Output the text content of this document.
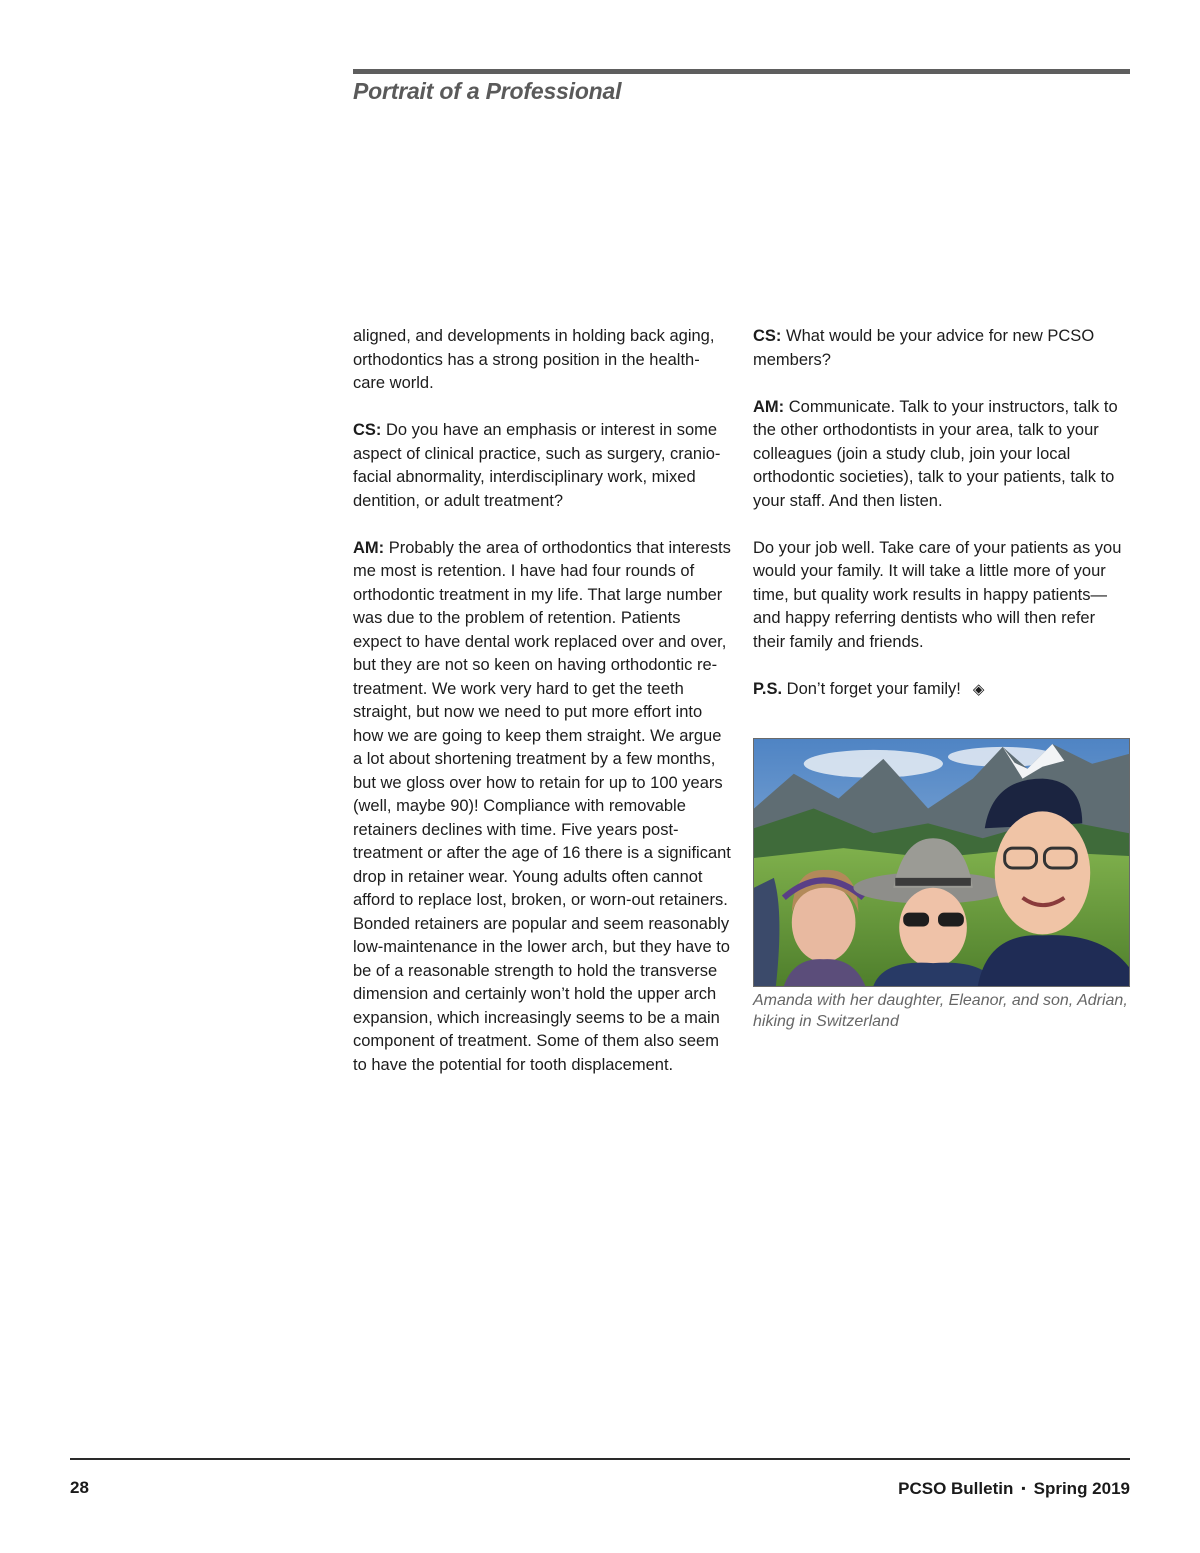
Portrait of a Professional

aligned, and developments in holding back aging, orthodontics has a strong position in the health-care world.

CS: Do you have an emphasis or interest in some aspect of clinical practice, such as surgery, cranio-facial abnormality, interdisciplinary work, mixed dentition, or adult treatment?

AM: Probably the area of orthodontics that interests me most is retention. I have had four rounds of orthodontic treatment in my life. That large number was due to the problem of retention. Patients expect to have dental work replaced over and over, but they are not so keen on having orthodontic re-treatment. We work very hard to get the teeth straight, but now we need to put more effort into how we are going to keep them straight. We argue a lot about shortening treatment by a few months, but we gloss over how to retain for up to 100 years (well, maybe 90)! Compliance with removable retainers declines with time. Five years post-treatment or after the age of 16 there is a significant drop in retainer wear. Young adults often cannot afford to replace lost, broken, or worn-out retainers. Bonded retainers are popular and seem reasonably low-maintenance in the lower arch, but they have to be of a reasonable strength to hold the transverse dimension and certainly won’t hold the upper arch expansion, which increasingly seems to be a main component of treatment. Some of them also seem to have the potential for tooth displacement.

CS: What would be your advice for new PCSO members?

AM: Communicate. Talk to your instructors, talk to the other orthodontists in your area, talk to your colleagues (join a study club, join your local orthodontic societies), talk to your patients, talk to your staff. And then listen.

Do your job well. Take care of your patients as you would your family. It will take a little more of your time, but quality work results in happy patients—and happy referring dentists who will then refer their family and friends.

P.S. Don’t forget your family! ◈

Amanda with her daughter, Eleanor, and son, Adrian, hiking in Switzerland

28	PCSO Bulletin ▪ Spring 2019
